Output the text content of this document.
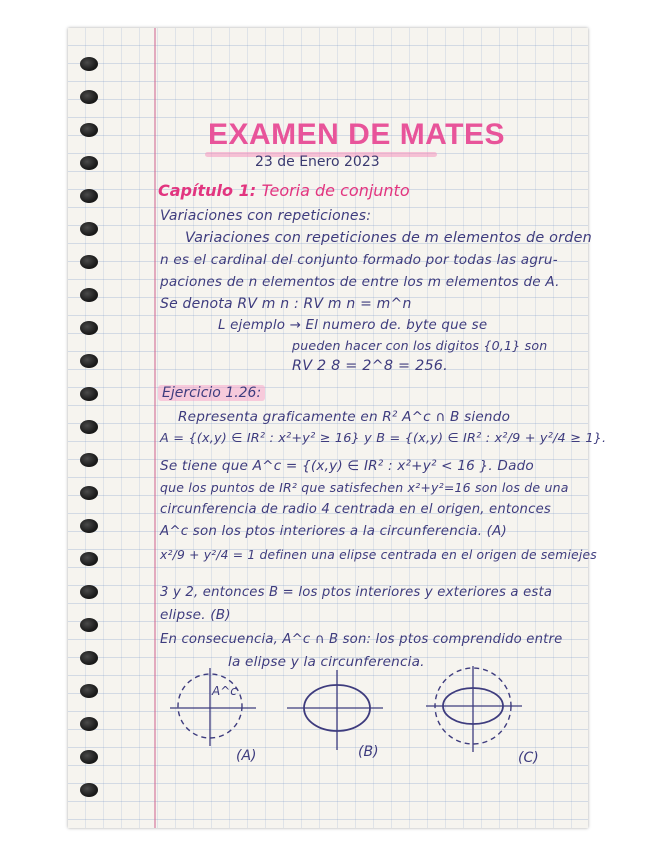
EXAMEN DE MATES
23 de Enero 2023
Capítulo 1: Teoria de conjunto
Variaciones con repeticiones:
Variaciones con repeticiones de m elementos de orden
n es el cardinal del conjunto formado por todas las agru-
paciones de n elementos de entre los m elementos de A.
Se denota RV m n : RV m n = m^n
L ejemplo → El numero de. byte que se
pueden hacer con los digitos {0,1} son
RV 2 8 = 2^8 = 256.
Ejercicio 1.26:
Representa graficamente en R² A^c ∩ B siendo
A = {(x,y) ∈ IR² : x²+y² ≥ 16} y B = {(x,y) ∈ IR² : x²/9 + y²/4 ≥ 1}.
Se tiene que A^c = {(x,y) ∈ IR² : x²+y² < 16 }. Dado
que los puntos de IR² que satisfechen x²+y²=16 son los de una
circunferencia de radio 4 centrada en el origen, entonces
A^c son los ptos interiores a la circunferencia. (A)
x²/9 + y²/4 = 1 definen una elipse centrada en el origen de semiejes
3 y 2, entonces B = los ptos interiores y exteriores a esta
elipse. (B)
En consecuencia, A^c ∩ B son: los ptos comprendido entre
la elipse y la circunferencia.
A^c
(A)	(B)	(C)
